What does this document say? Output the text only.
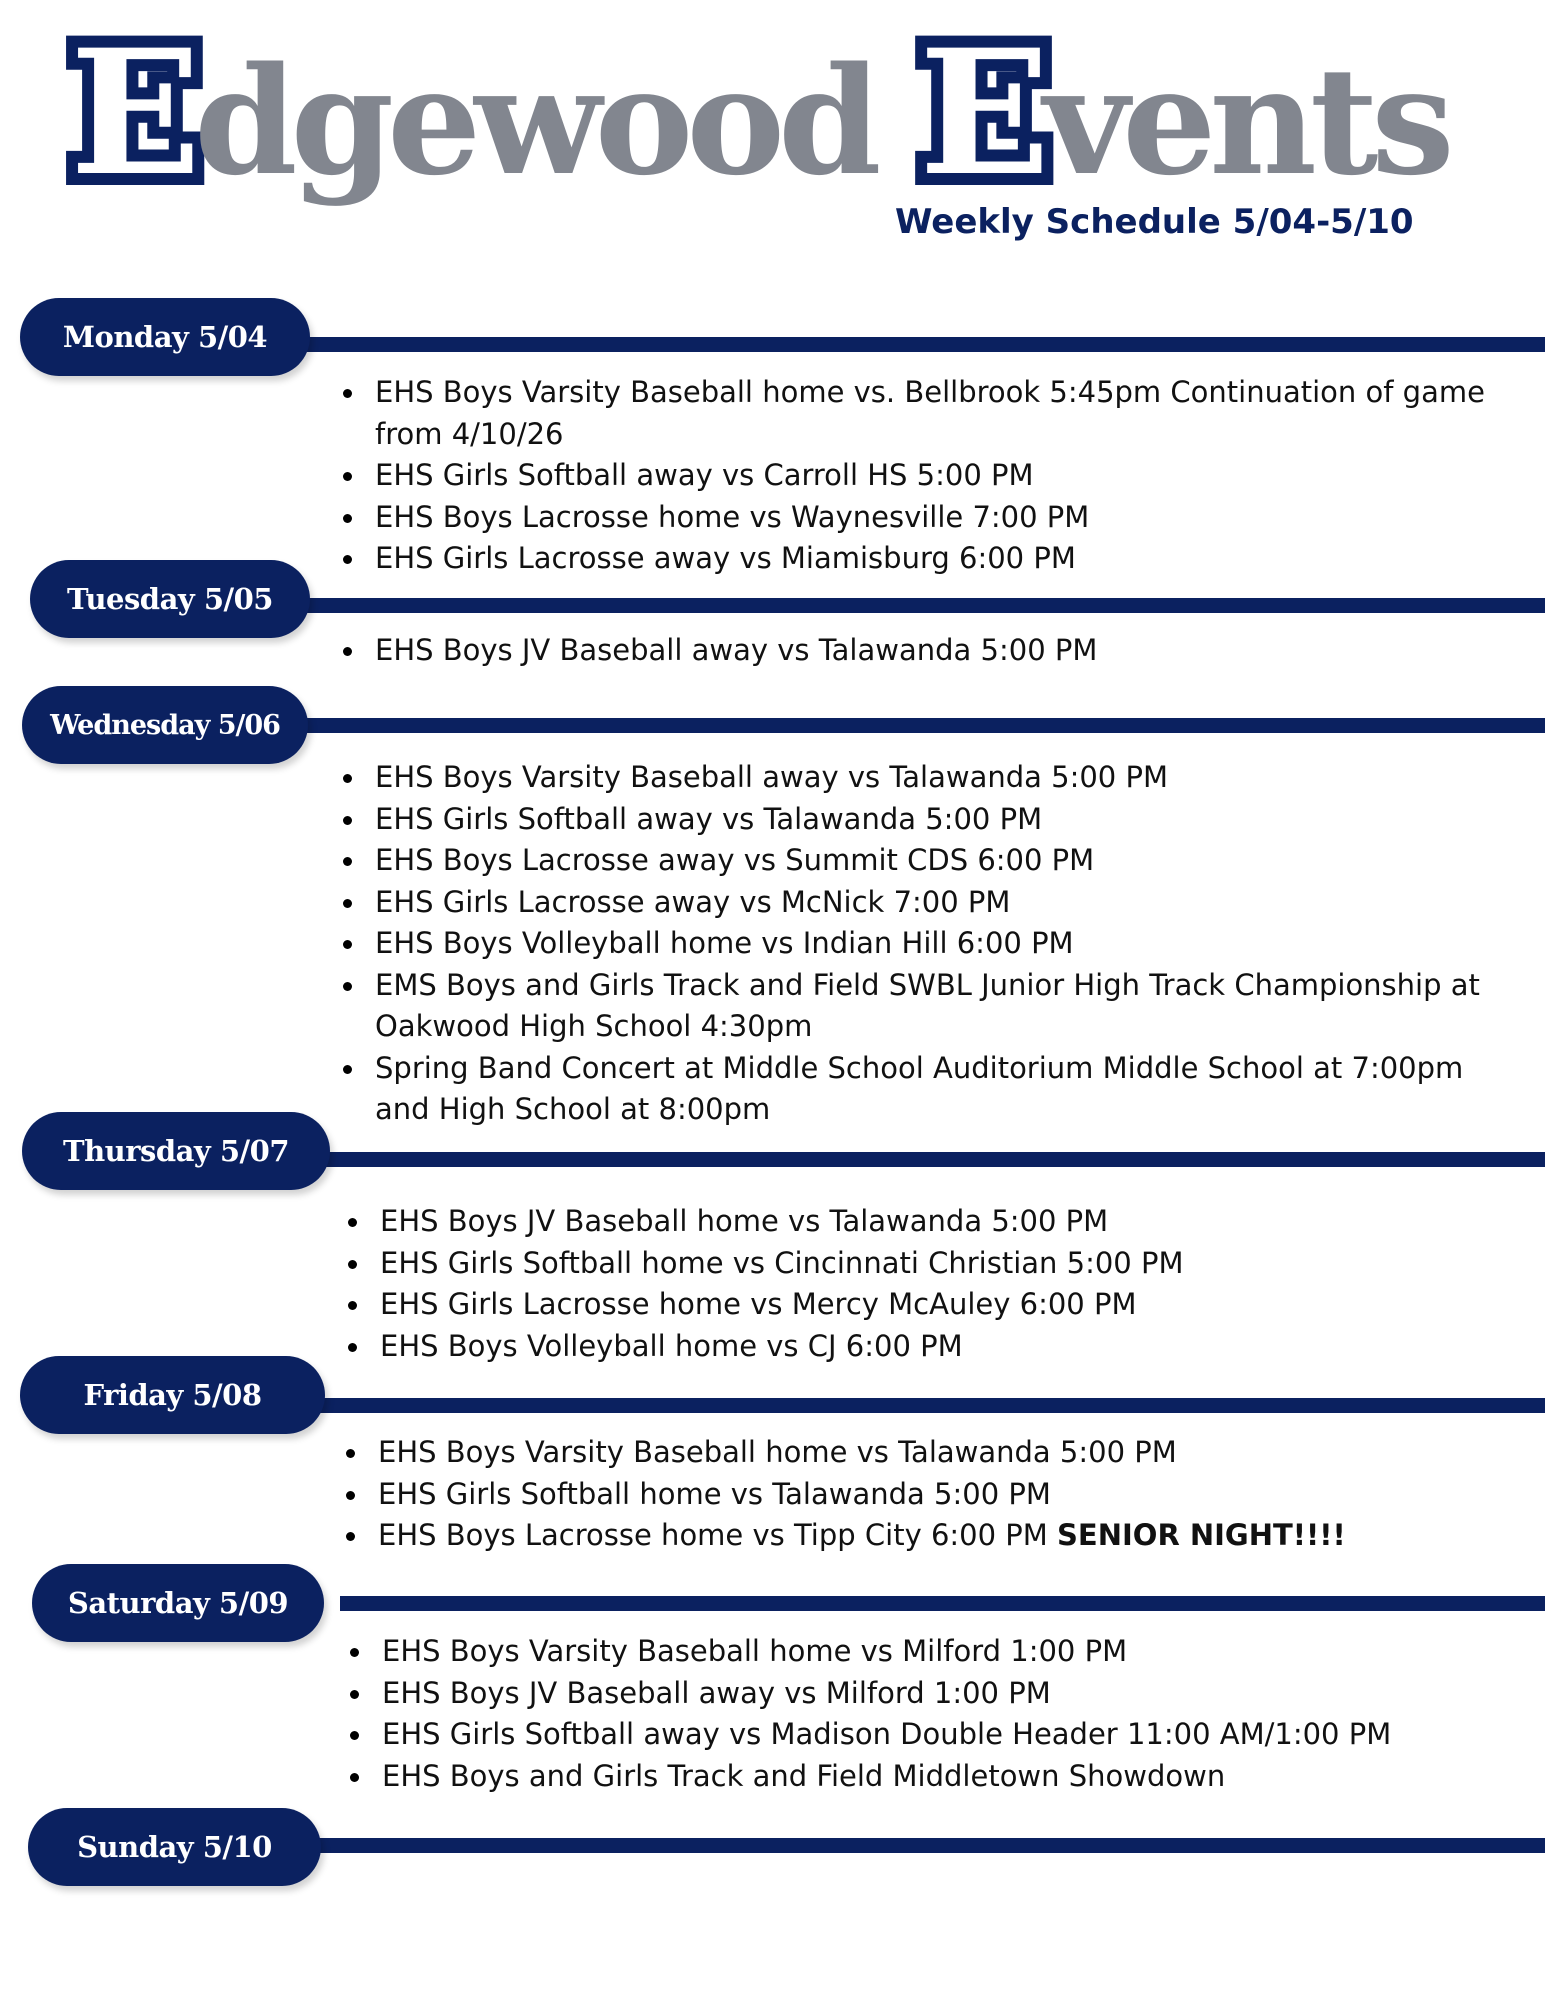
Edgewood Events

Weekly Schedule 5/04-5/10

Monday 5/04
EHS Boys Varsity Baseball home vs. Bellbrook 5:45pm Continuation of game from 4/10/26
EHS Girls Softball away vs Carroll HS 5:00 PM
EHS Boys Lacrosse home vs Waynesville 7:00 PM
EHS Girls Lacrosse away vs Miamisburg 6:00 PM
Tuesday 5/05
EHS Boys JV Baseball away vs Talawanda 5:00 PM
Wednesday 5/06
EHS Boys Varsity Baseball away vs Talawanda 5:00 PM
EHS Girls Softball away vs Talawanda 5:00 PM
EHS Boys Lacrosse away vs Summit CDS 6:00 PM
EHS Girls Lacrosse away vs McNick 7:00 PM
EHS Boys Volleyball home vs Indian Hill 6:00 PM
EMS Boys and Girls Track and Field SWBL Junior High Track Championship at Oakwood High School 4:30pm
Spring Band Concert at Middle School Auditorium Middle School at 7:00pm and High School at 8:00pm
Thursday 5/07
EHS Boys JV Baseball home vs Talawanda 5:00 PM
EHS Girls Softball home vs Cincinnati Christian 5:00 PM
EHS Girls Lacrosse home vs Mercy McAuley 6:00 PM
EHS Boys Volleyball home vs CJ 6:00 PM
Friday 5/08
EHS Boys Varsity Baseball home vs Talawanda 5:00 PM
EHS Girls Softball home vs Talawanda 5:00 PM
EHS Boys Lacrosse home vs Tipp City 6:00 PM SENIOR NIGHT!!!!
Saturday 5/09
EHS Boys Varsity Baseball home vs Milford 1:00 PM
EHS Boys JV Baseball away vs Milford 1:00 PM
EHS Girls Softball away vs Madison Double Header 11:00 AM/1:00 PM
EHS Boys and Girls Track and Field Middletown Showdown
Sunday 5/10
